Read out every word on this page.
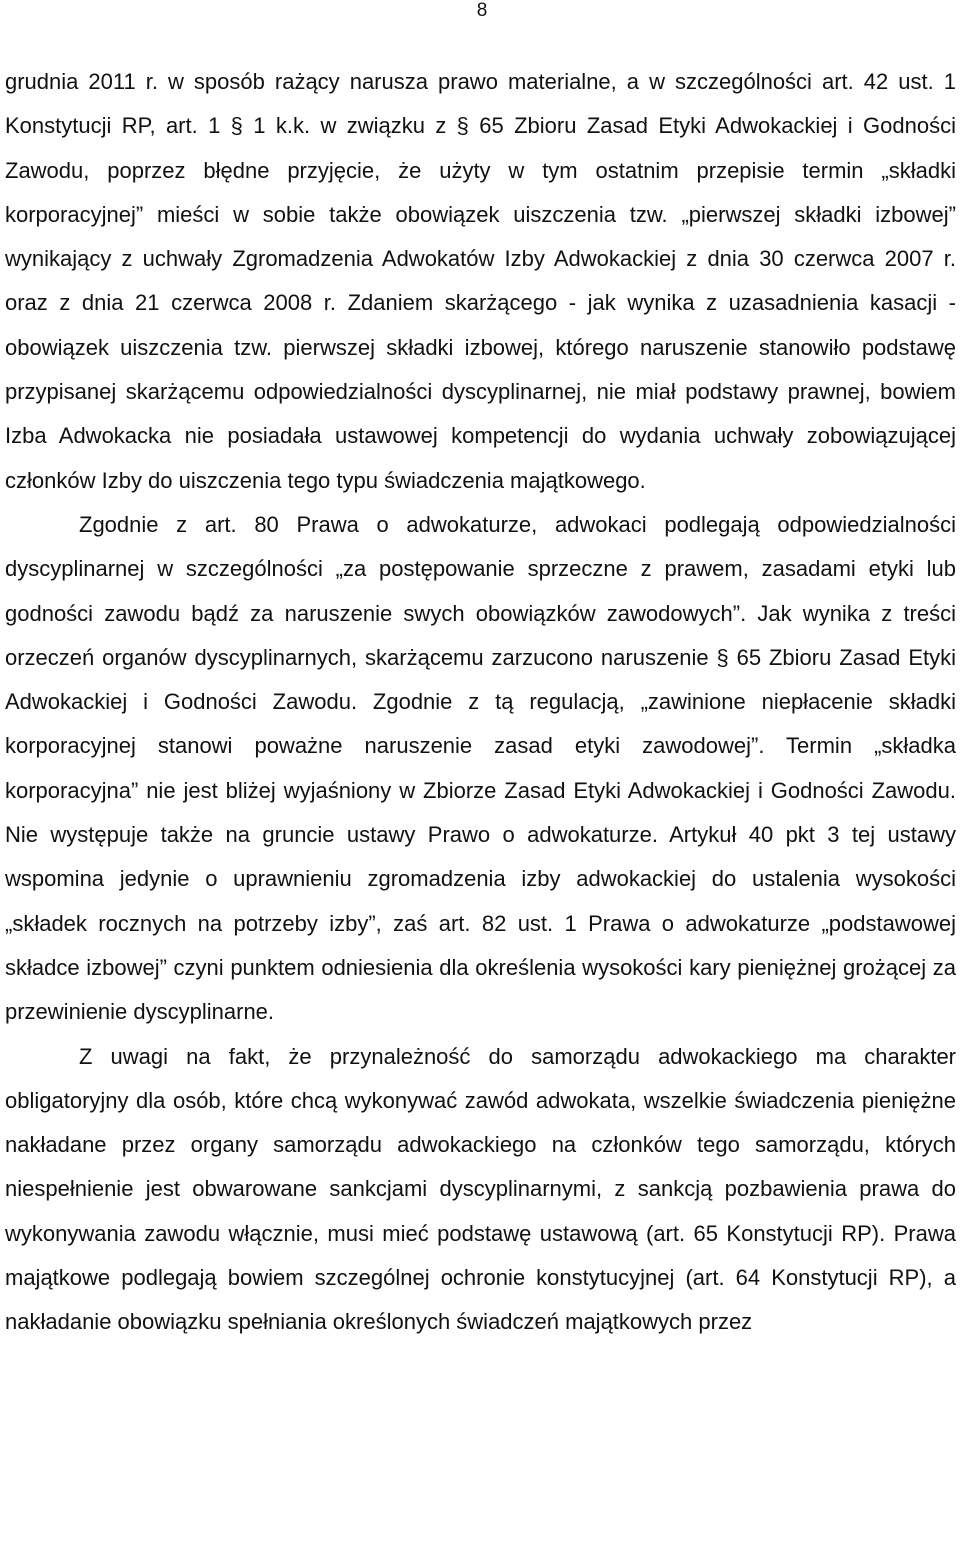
8

grudnia 2011 r. w sposób rażący narusza prawo materialne, a w szczególności art. 42 ust. 1 Konstytucji RP, art. 1 § 1 k.k. w związku z § 65 Zbioru Zasad Etyki Adwokackiej i Godności Zawodu, poprzez błędne przyjęcie, że użyty w tym ostatnim przepisie termin „składki korporacyjnej” mieści w sobie także obowiązek uiszczenia tzw. „pierwszej składki izbowej” wynikający z uchwały Zgromadzenia Adwokatów Izby Adwokackiej z dnia 30 czerwca 2007 r. oraz z dnia 21 czerwca 2008 r. Zdaniem skarżącego - jak wynika z uzasadnienia kasacji - obowiązek uiszczenia tzw. pierwszej składki izbowej, którego naruszenie stanowiło podstawę przypisanej skarżącemu odpowiedzialności dyscyplinarnej, nie miał podstawy prawnej, bowiem Izba Adwokacka nie posiadała ustawowej kompetencji do wydania uchwały zobowiązującej członków Izby do uiszczenia tego typu świadczenia majątkowego.

Zgodnie z art. 80 Prawa o adwokaturze, adwokaci podlegają odpowiedzialności dyscyplinarnej w szczególności „za postępowanie sprzeczne z prawem, zasadami etyki lub godności zawodu bądź za naruszenie swych obowiązków zawodowych”. Jak wynika z treści orzeczeń organów dyscyplinarnych, skarżącemu zarzucono naruszenie § 65 Zbioru Zasad Etyki Adwokackiej i Godności Zawodu. Zgodnie z tą regulacją, „zawinione niepłacenie składki korporacyjnej stanowi poważne naruszenie zasad etyki zawodowej”. Termin „składka korporacyjna” nie jest bliżej wyjaśniony w Zbiorze Zasad Etyki Adwokackiej i Godności Zawodu. Nie występuje także na gruncie ustawy Prawo o adwokaturze. Artykuł 40 pkt 3 tej ustawy wspomina jedynie o uprawnieniu zgromadzenia izby adwokackiej do ustalenia wysokości „składek rocznych na potrzeby izby”, zaś art. 82 ust. 1 Prawa o adwokaturze „podstawowej składce izbowej” czyni punktem odniesienia dla określenia wysokości kary pieniężnej grożącej za przewinienie dyscyplinarne.

Z uwagi na fakt, że przynależność do samorządu adwokackiego ma charakter obligatoryjny dla osób, które chcą wykonywać zawód adwokata, wszelkie świadczenia pieniężne nakładane przez organy samorządu adwokackiego na członków tego samorządu, których niespełnienie jest obwarowane sankcjami dyscyplinarnymi, z sankcją pozbawienia prawa do wykonywania zawodu włącznie, musi mieć podstawę ustawową (art. 65 Konstytucji RP). Prawa majątkowe podlegają bowiem szczególnej ochronie konstytucyjnej (art. 64 Konstytucji RP), a nakładanie obowiązku spełniania określonych świadczeń majątkowych przez
